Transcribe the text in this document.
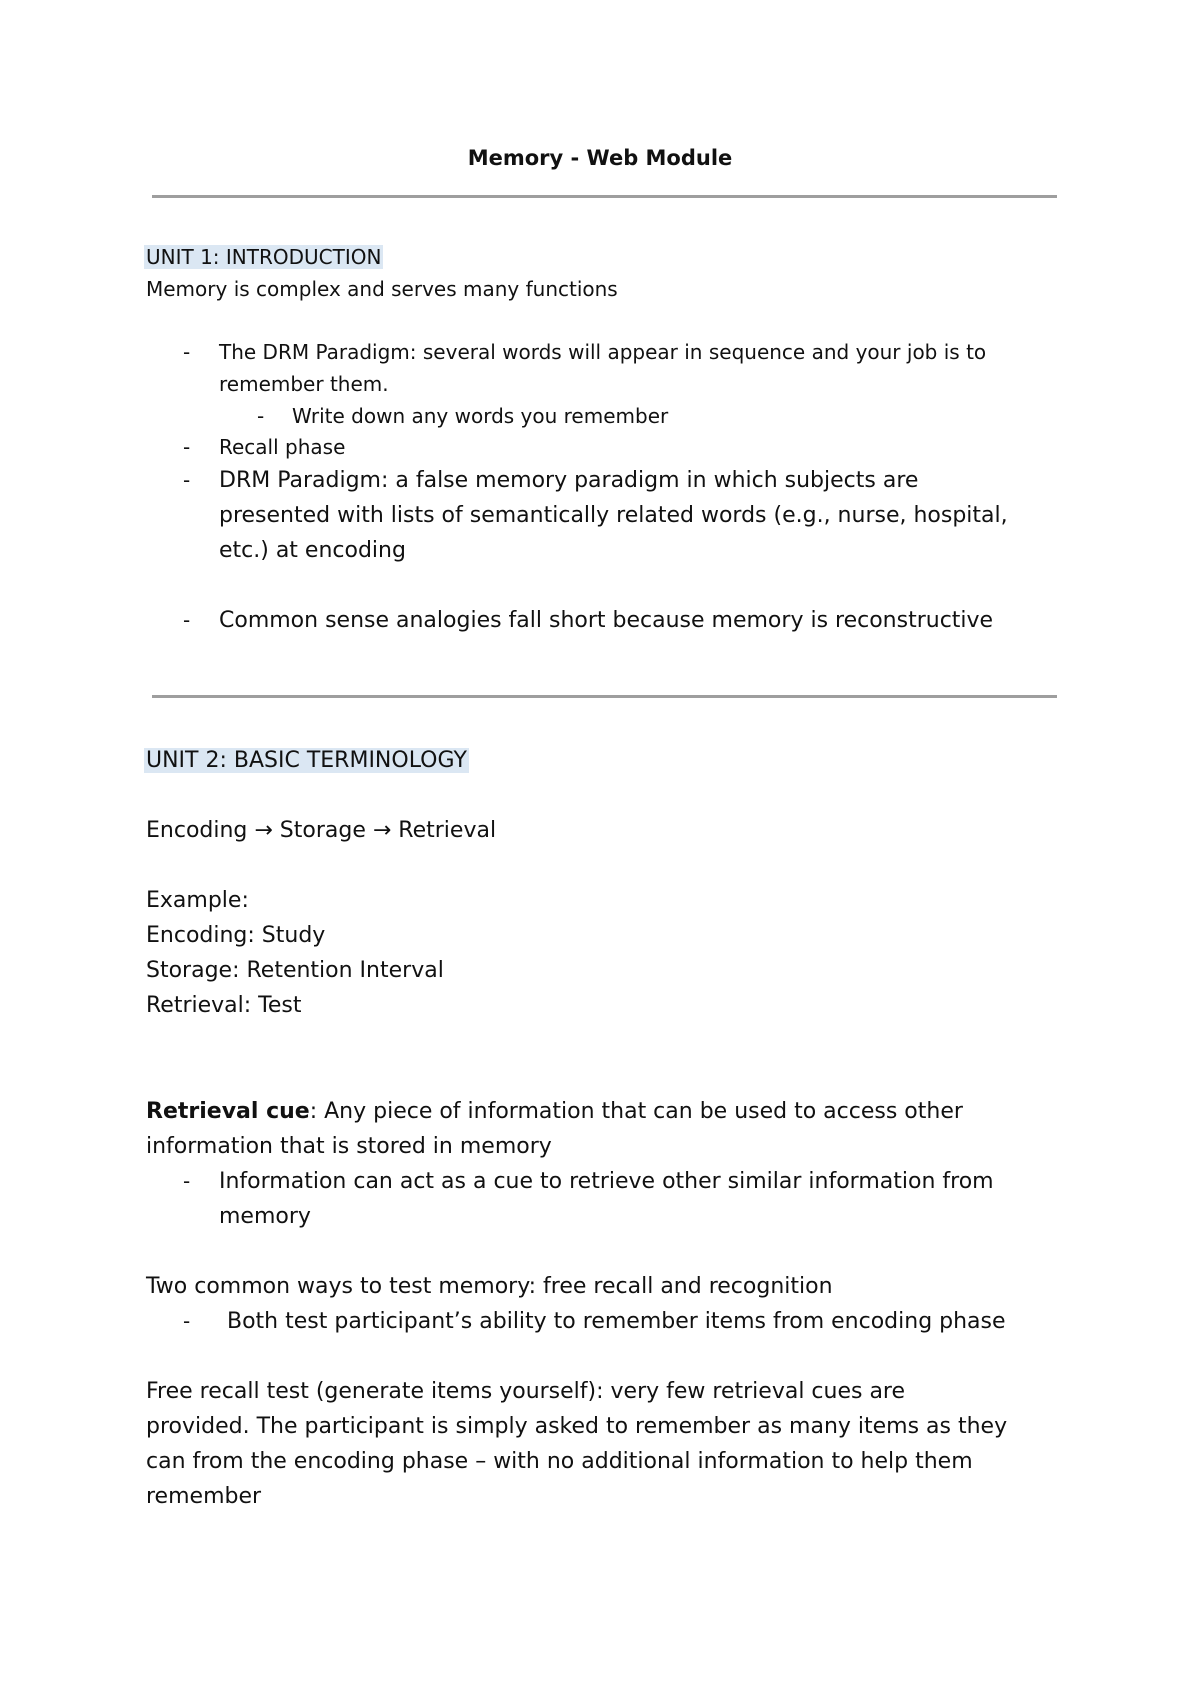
Memory - Web Module
UNIT 1: INTRODUCTION
Memory is complex and serves many functions
- The DRM Paradigm: several words will appear in sequence and your job is to
remember them.
- Write down any words you remember
- Recall phase
- DRM Paradigm: a false memory paradigm in which subjects are
presented with lists of semantically related words (e.g., nurse, hospital,
etc.) at encoding
- Common sense analogies fall short because memory is reconstructive
UNIT 2: BASIC TERMINOLOGY
Encoding → Storage → Retrieval
Example:
Encoding: Study
Storage: Retention Interval
Retrieval: Test
Retrieval cue: Any piece of information that can be used to access other
information that is stored in memory
- Information can act as a cue to retrieve other similar information from
memory
Two common ways to test memory: free recall and recognition
- Both test participant’s ability to remember items from encoding phase
Free recall test (generate items yourself): very few retrieval cues are
provided. The participant is simply asked to remember as many items as they
can from the encoding phase – with no additional information to help them
remember
